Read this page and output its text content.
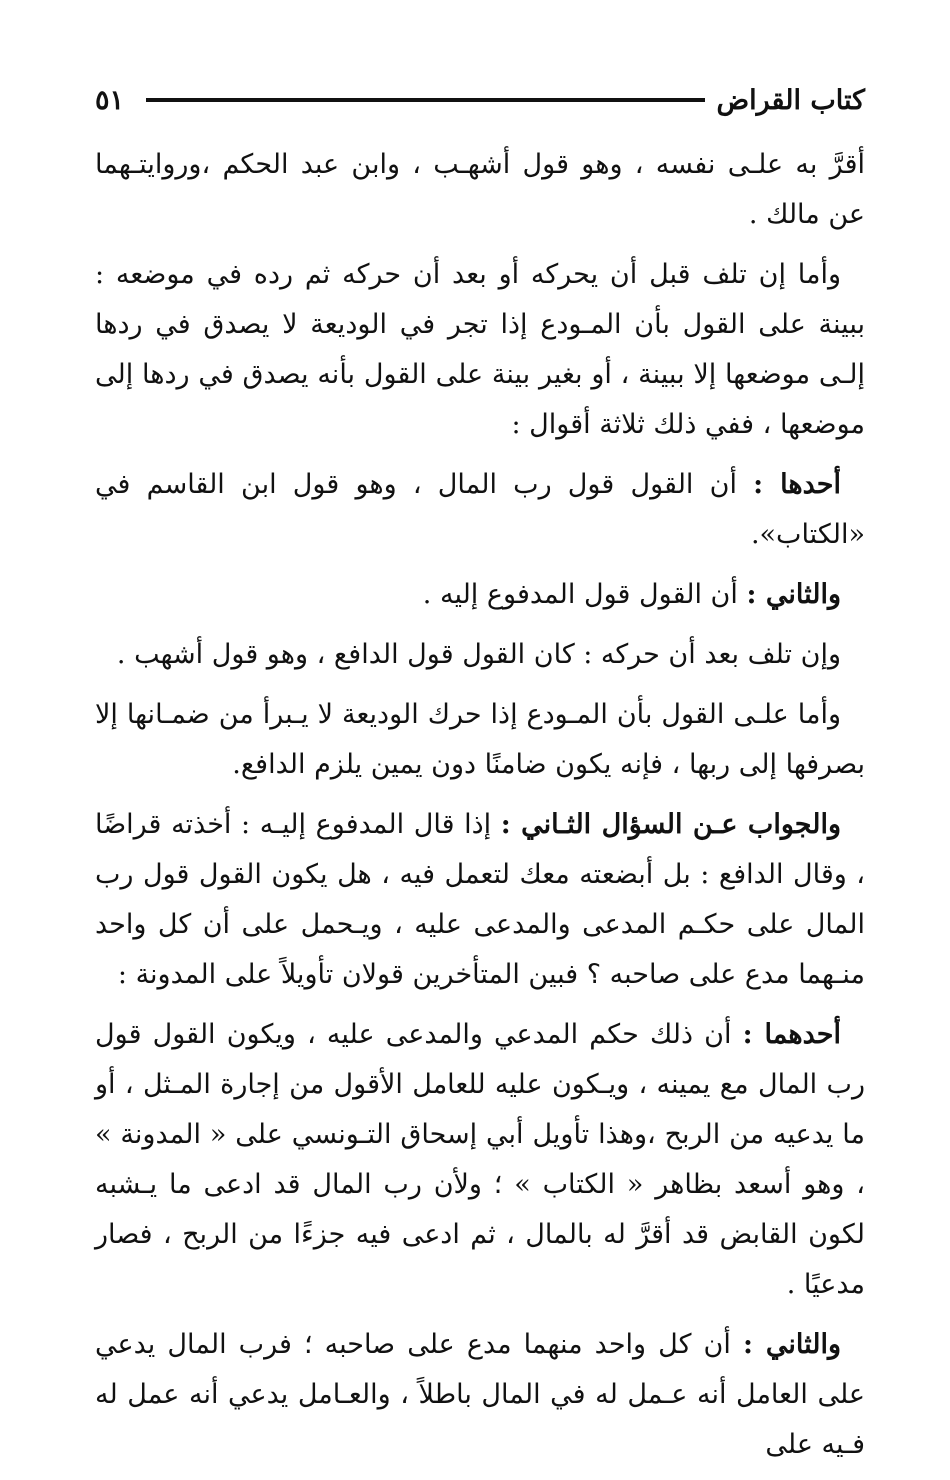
كتاب القراض
٥١

أقرَّ به علـى نفسه ، وهو قول أشهـب ، وابن عبد الحكم ،وروايتـهما عن مالك .

وأما إن تلف قبل أن يحركه أو بعد أن حركه ثم رده في موضعه : ببينة على القول بأن المـودع إذا تجر في الوديعة لا يصدق في ردها إلـى موضعها إلا ببينة ، أو بغير بينة على القول بأنه يصدق في ردها إلى موضعها ، ففي ذلك ثلاثة أقوال :

أحدها : أن القول قول رب المال ، وهو قول ابن القاسم في «الكتاب».

والثاني : أن القول قول المدفوع إليه .

وإن تلف بعد أن حركه : كان القول قول الدافع ، وهو قول أشهب .

وأما علـى القول بأن المـودع إذا حرك الوديعة لا يـبرأ من ضمـانها إلا بصرفها إلى ربها ، فإنه يكون ضامنًا دون يمين يلزم الدافع.

والجواب عـن السؤال الثـاني : إذا قال المدفوع إليـه : أخذته قراضًا ، وقال الدافع : بل أبضعته معك لتعمل فيه ، هل يكون القول قول رب المال على حكـم المدعى والمدعى عليه ، ويـحمل على أن كل واحد منـهما مدع على صاحبه ؟ فبين المتأخرين قولان تأويلاً على المدونة :

أحدهما : أن ذلك حكم المدعي والمدعى عليه ، ويكون القول قول رب المال مع يمينه ، ويـكون عليه للعامل الأقول من إجارة المـثل ، أو ما يدعيه من الربح ،وهذا تأويل أبي إسحاق التـونسي على « المدونة » ، وهو أسعد بظاهر « الكتاب » ؛ ولأن رب المال قد ادعى ما يـشبه لكون القابض قد أقرَّ له بالمال ، ثم ادعى فيه جزءًا من الربح ، فصار مدعيًا .

والثاني : أن كل واحد منهما مدع على صاحبه ؛ فرب المال يدعي على العامل أنه عـمل له في المال باطلاً ، والعـامل يدعي أنه عمل له فـيه على
